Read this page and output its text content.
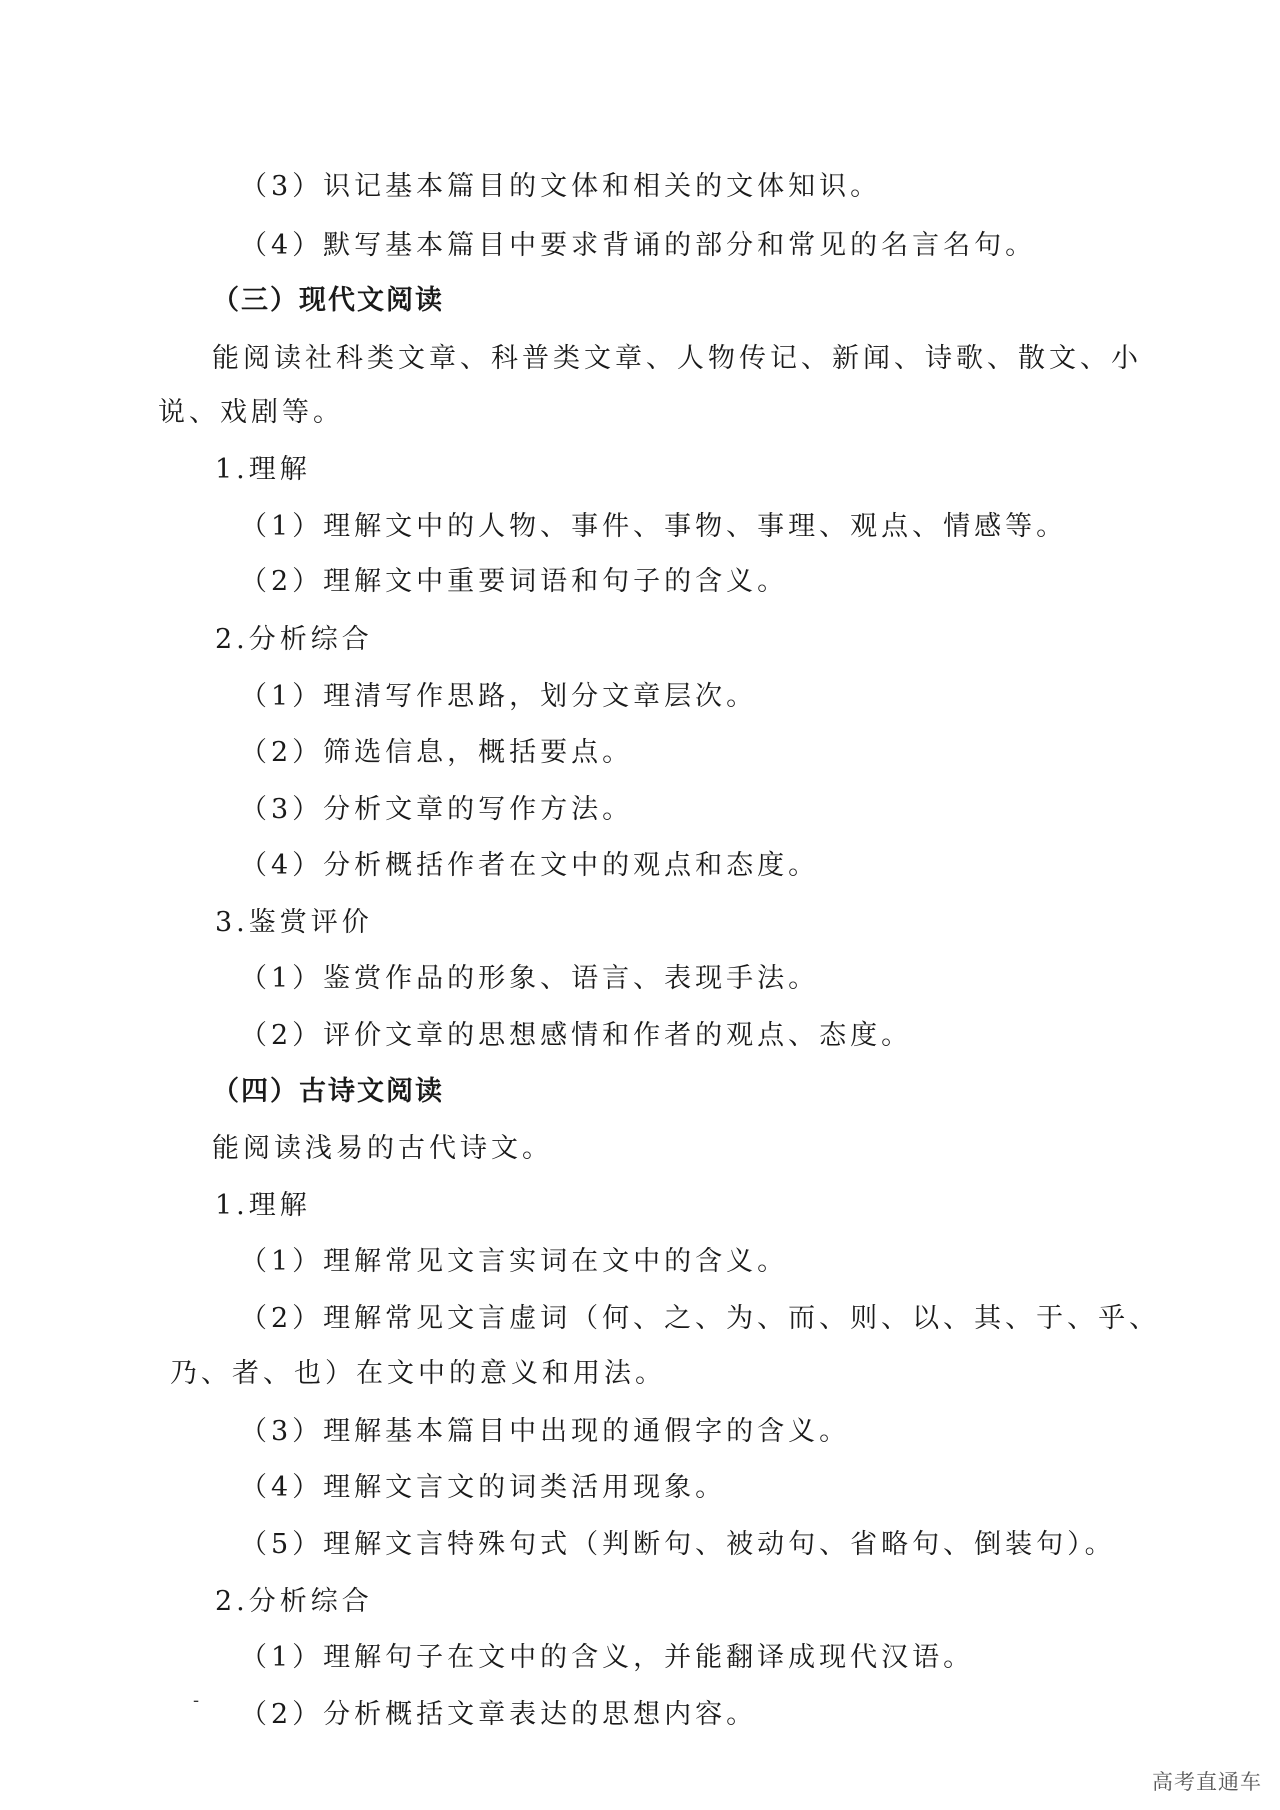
（3）识记基本篇目的文体和相关的文体知识。
（4）默写基本篇目中要求背诵的部分和常见的名言名句。
（三）现代文阅读
能阅读社科类文章、科普类文章、人物传记、新闻、诗歌、散文、小
说、戏剧等。
1.理解
（1）理解文中的人物、事件、事物、事理、观点、情感等。
（2）理解文中重要词语和句子的含义。
2.分析综合
（1）理清写作思路，划分文章层次。
（2）筛选信息，概括要点。
（3）分析文章的写作方法。
（4）分析概括作者在文中的观点和态度。
3.鉴赏评价
（1）鉴赏作品的形象、语言、表现手法。
（2）评价文章的思想感情和作者的观点、态度。
（四）古诗文阅读
能阅读浅易的古代诗文。
1.理解
（1）理解常见文言实词在文中的含义。
（2）理解常见文言虚词（何、之、为、而、则、以、其、于、乎、
乃、者、也）在文中的意义和用法。
（3）理解基本篇目中出现的通假字的含义。
（4）理解文言文的词类活用现象。
（5）理解文言特殊句式（判断句、被动句、省略句、倒装句）。
2.分析综合
（1）理解句子在文中的含义，并能翻译成现代汉语。
（2）分析概括文章表达的思想内容。
-
高考直通车
